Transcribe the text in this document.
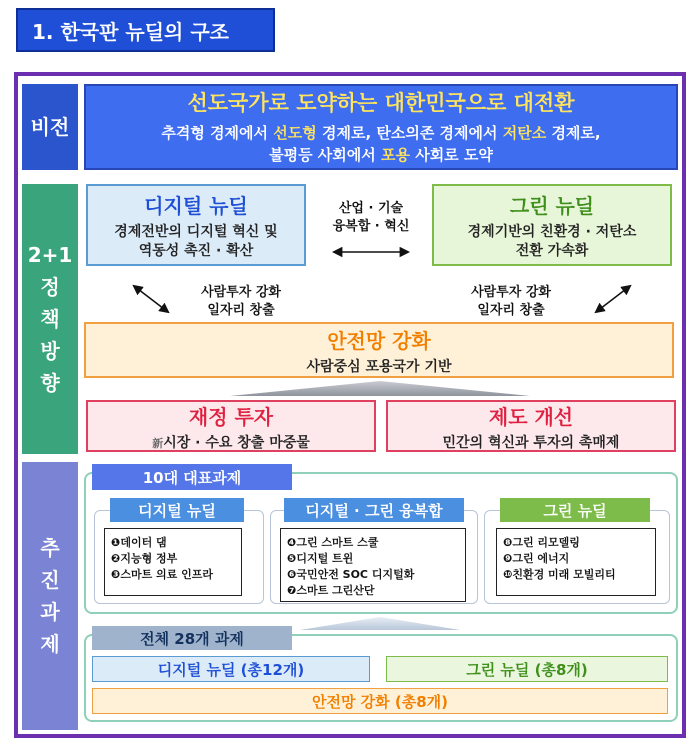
1. 한국판 뉴딜의 구조
비전
2+1
정
책
방
향
추
진
과
제
선도국가로 도약하는 대한민국으로 대전환
추격형 경제에서 선도형 경제로, 탄소의존 경제에서 저탄소 경제로,
불평등 사회에서 포용 사회로 도약
디지털 뉴딜
경제전반의 디지털 혁신 및
역동성 촉진 · 확산
산업 · 기술
융복합 · 혁신
그린 뉴딜
경제기반의 친환경 · 저탄소
전환 가속화
사람투자 강화
일자리 창출
사람투자 강화
일자리 창출
안전망 강화
사람중심 포용국가 기반
재정 투자
新시장 · 수요 창출 마중물
제도 개선
민간의 혁신과 투자의 촉매제
10대 대표과제
디지털 뉴딜	디지털 · 그린 융복합	그린 뉴딜
❶데이터 댐
❷지능형 정부
❸스마트 의료 인프라
❹그린 스마트 스쿨
❺디지털 트윈
❻국민안전 SOC 디지털화
❼스마트 그린산단
❽그린 리모델링
❾그린 에너지
❿친환경 미래 모빌리티
전체 28개 과제
디지털 뉴딜 (총12개)	그린 뉴딜 (총8개)
안전망 강화 (총8개)
